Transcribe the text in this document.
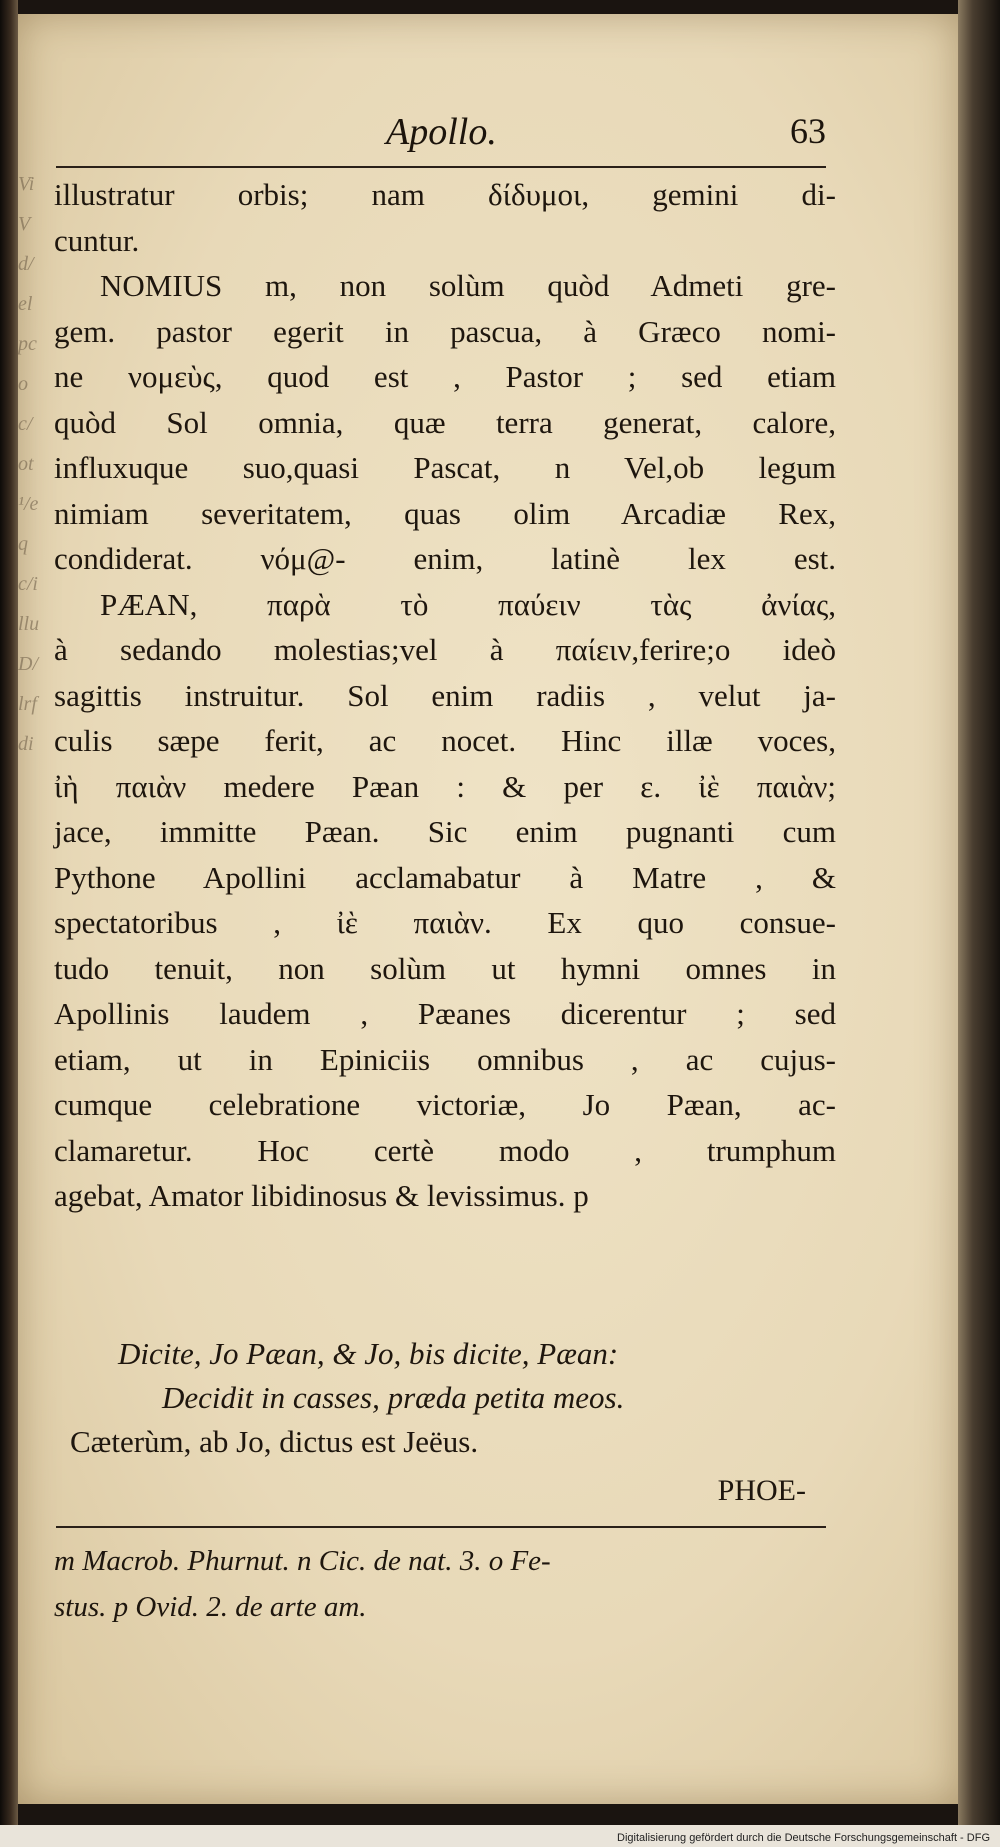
ViVd/elpcoc/ot¹/eqc/illuD/lrfdi
Apollo.	63
illustratur orbis; nam δίδυμοι, gemini di-
cuntur.
NOMIUS m, non solùm quòd Admeti gre-
gem. pastor egerit in pascua, à Græco nomi-
ne νομεὺς, quod est , Pastor ; sed etiam
quòd Sol omnia, quæ terra generat, calore,
influxuque suo,quasi Pascat, n Vel,ob legum
nimiam severitatem, quas olim Arcadiæ Rex,
condiderat. νόμ@- enim, latinè lex est.
PÆAN, παρὰ τὸ παύειν τὰς ἀνίας,
à sedando molestias;vel à παίειν,ferire;o ideò
sagittis instruitur. Sol enim radiis , velut ja-
culis sæpe ferit, ac nocet. Hinc illæ voces,
ἰὴ παιὰν medere Pæan : & per ε. ἰὲ παιὰν;
jace, immitte Pæan. Sic enim pugnanti cum
Pythone Apollini acclamabatur à Matre , &
spectatoribus , ἰὲ παιὰν. Ex quo consue-
tudo tenuit, non solùm ut hymni omnes in
Apollinis laudem , Pæanes dicerentur ; sed
etiam, ut in Epiniciis omnibus , ac cujus-
cumque celebratione victoriæ, Jo Pæan, ac-
clamaretur. Hoc certè modo , trumphum
agebat, Amator libidinosus & levissimus. p
Dicite, Jo Pæan, & Jo, bis dicite, Pæan:
Decidit in casses, præda petita meos.
Cæterùm, ab Jo, dictus est Jeëus.
PHOE-
m Macrob. Phurnut. n Cic. de nat. 3. o Fe-
stus. p Ovid. 2. de arte am.
Digitalisierung gefördert durch die Deutsche Forschungsgemeinschaft - DFG
